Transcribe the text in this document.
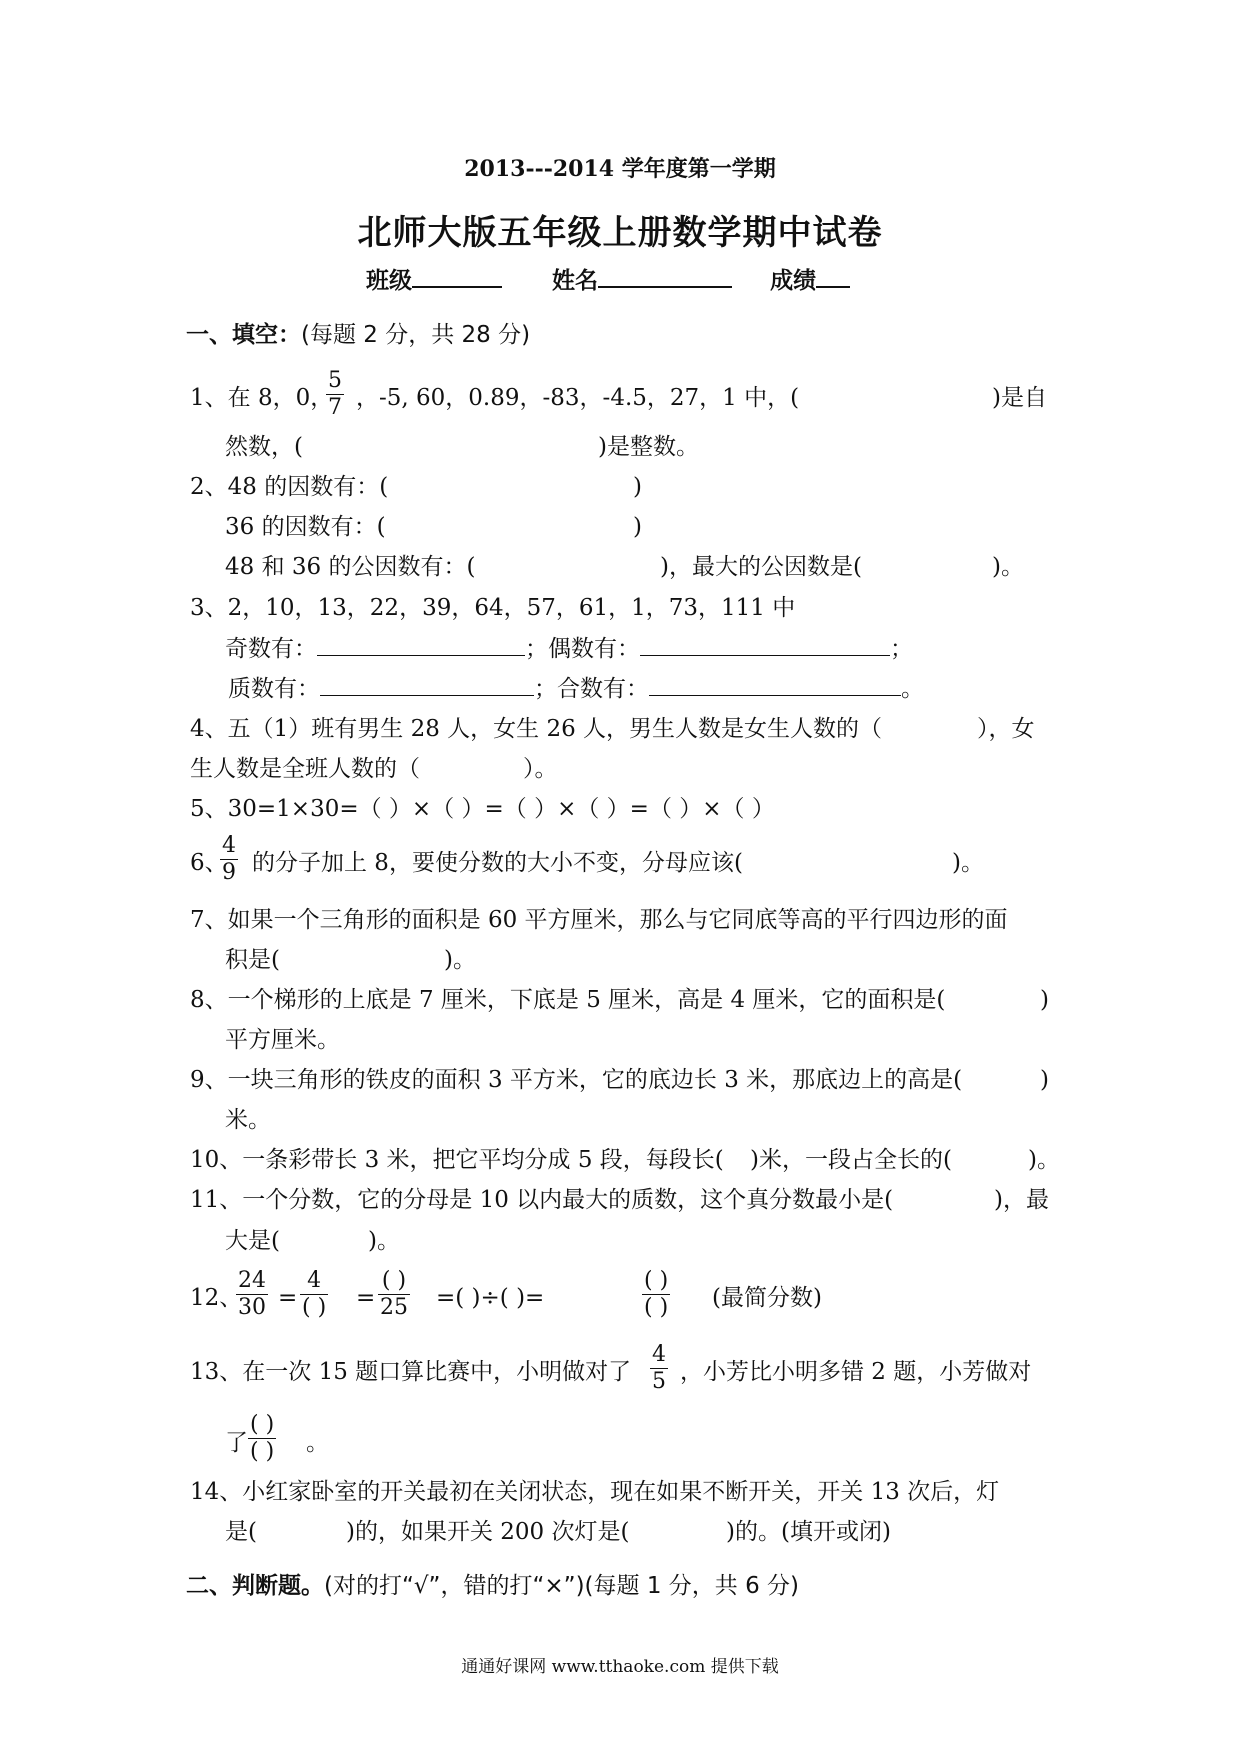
2013---2014 学年度第一学期
北师大版五年级上册数学期中试卷
班级	姓名	成绩
一、填空：(每题 2 分，共 28 分)
1、在 8，0，
$\frac{5}{7}$ ，-5, 60，0.89，-83，-4.5，27，1 中，(	)是自
然数，(	)是整数。
2、48 的因数有：(	)
36 的因数有：(	)
48 和 36 的公因数有：(	)，最大的公因数是(	)。
3、2，10，13，22，39，64，57，61，1，73，111 中
奇数有：	；偶数有：	；
质数有：	；合数有：	。
4、五（1）班有男生 28 人，女生 26 人，男生人数是女生人数的（	），女
生人数是全班人数的（	）。
5、30=1×30=（ ）×（ ）=（ ）×（ ）=（ ）×（ ）
6、
$\frac{4}{9}$ 的分子加上 8，要使分数的大小不变，分母应该(	)。
7、如果一个三角形的面积是 60 平方厘米，那么与它同底等高的平行四边形的面
积是(	)。
8、一个梯形的上底是 7 厘米，下底是 5 厘米，高是 4 厘米，它的面积是(	)
平方厘米。
9、一块三角形的铁皮的面积 3 平方米，它的底边长 3 米，那底边上的高是(	)
米。
10、一条彩带长 3 米，把它平均分成 5 段，每段长( )米，一段占全长的(	)。
11、一个分数，它的分母是 10 以内最大的质数，这个真分数最小是(	)，最
大是(	)。
12、
$\frac{24}{30}$ =
4
( ) =
( )
25 =( )÷( )=
( )
( ) (最简分数)
13、在一次 15 题口算比赛中，小明做对了 $\frac{4}{5}$ ，小芳比小明多错 2 题，小芳做对
了
( )
( ) 。
14、小红家卧室的开关最初在关闭状态，现在如果不断开关，开关 13 次后，灯
是(	)的，如果开关 200 次灯是(	)的。(填开或闭)
二、判断题。(对的打“√”，错的打“×”)(每题 1 分，共 6 分)
通通好课网 www.tthaoke.com 提供下载
